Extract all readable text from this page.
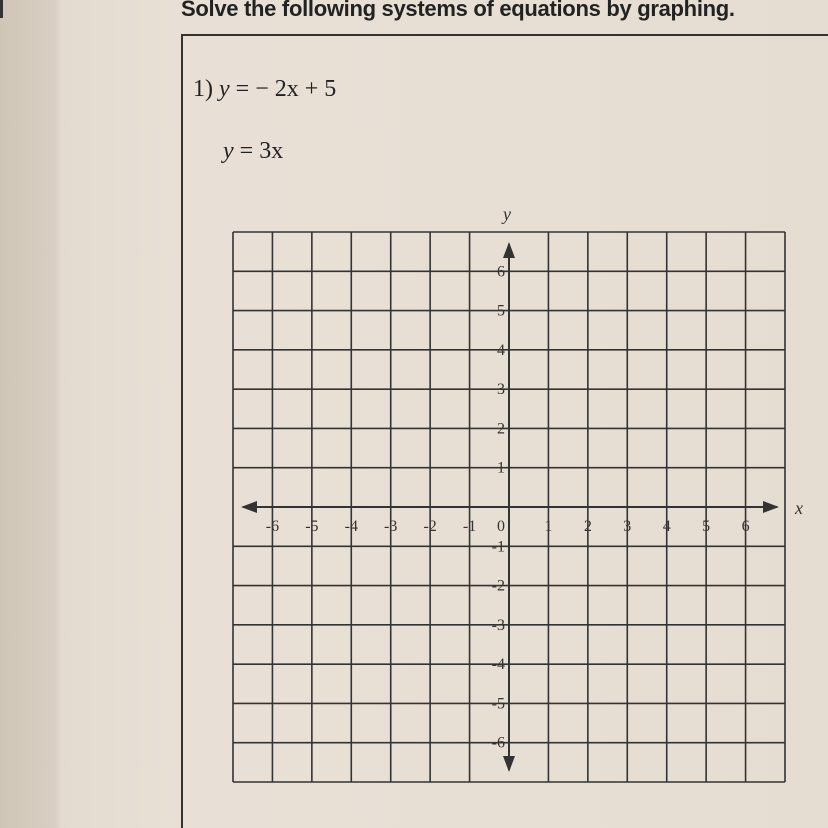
Solve the following systems of equations by graphing.
1) y = − 2x + 5
y = 3x
y
x
-6 -5 -4 -3 -2 -1 0 1 2 3 4 5 6
6
5
4
3
2
1
-1
-2
-3
-4
-5
-6
